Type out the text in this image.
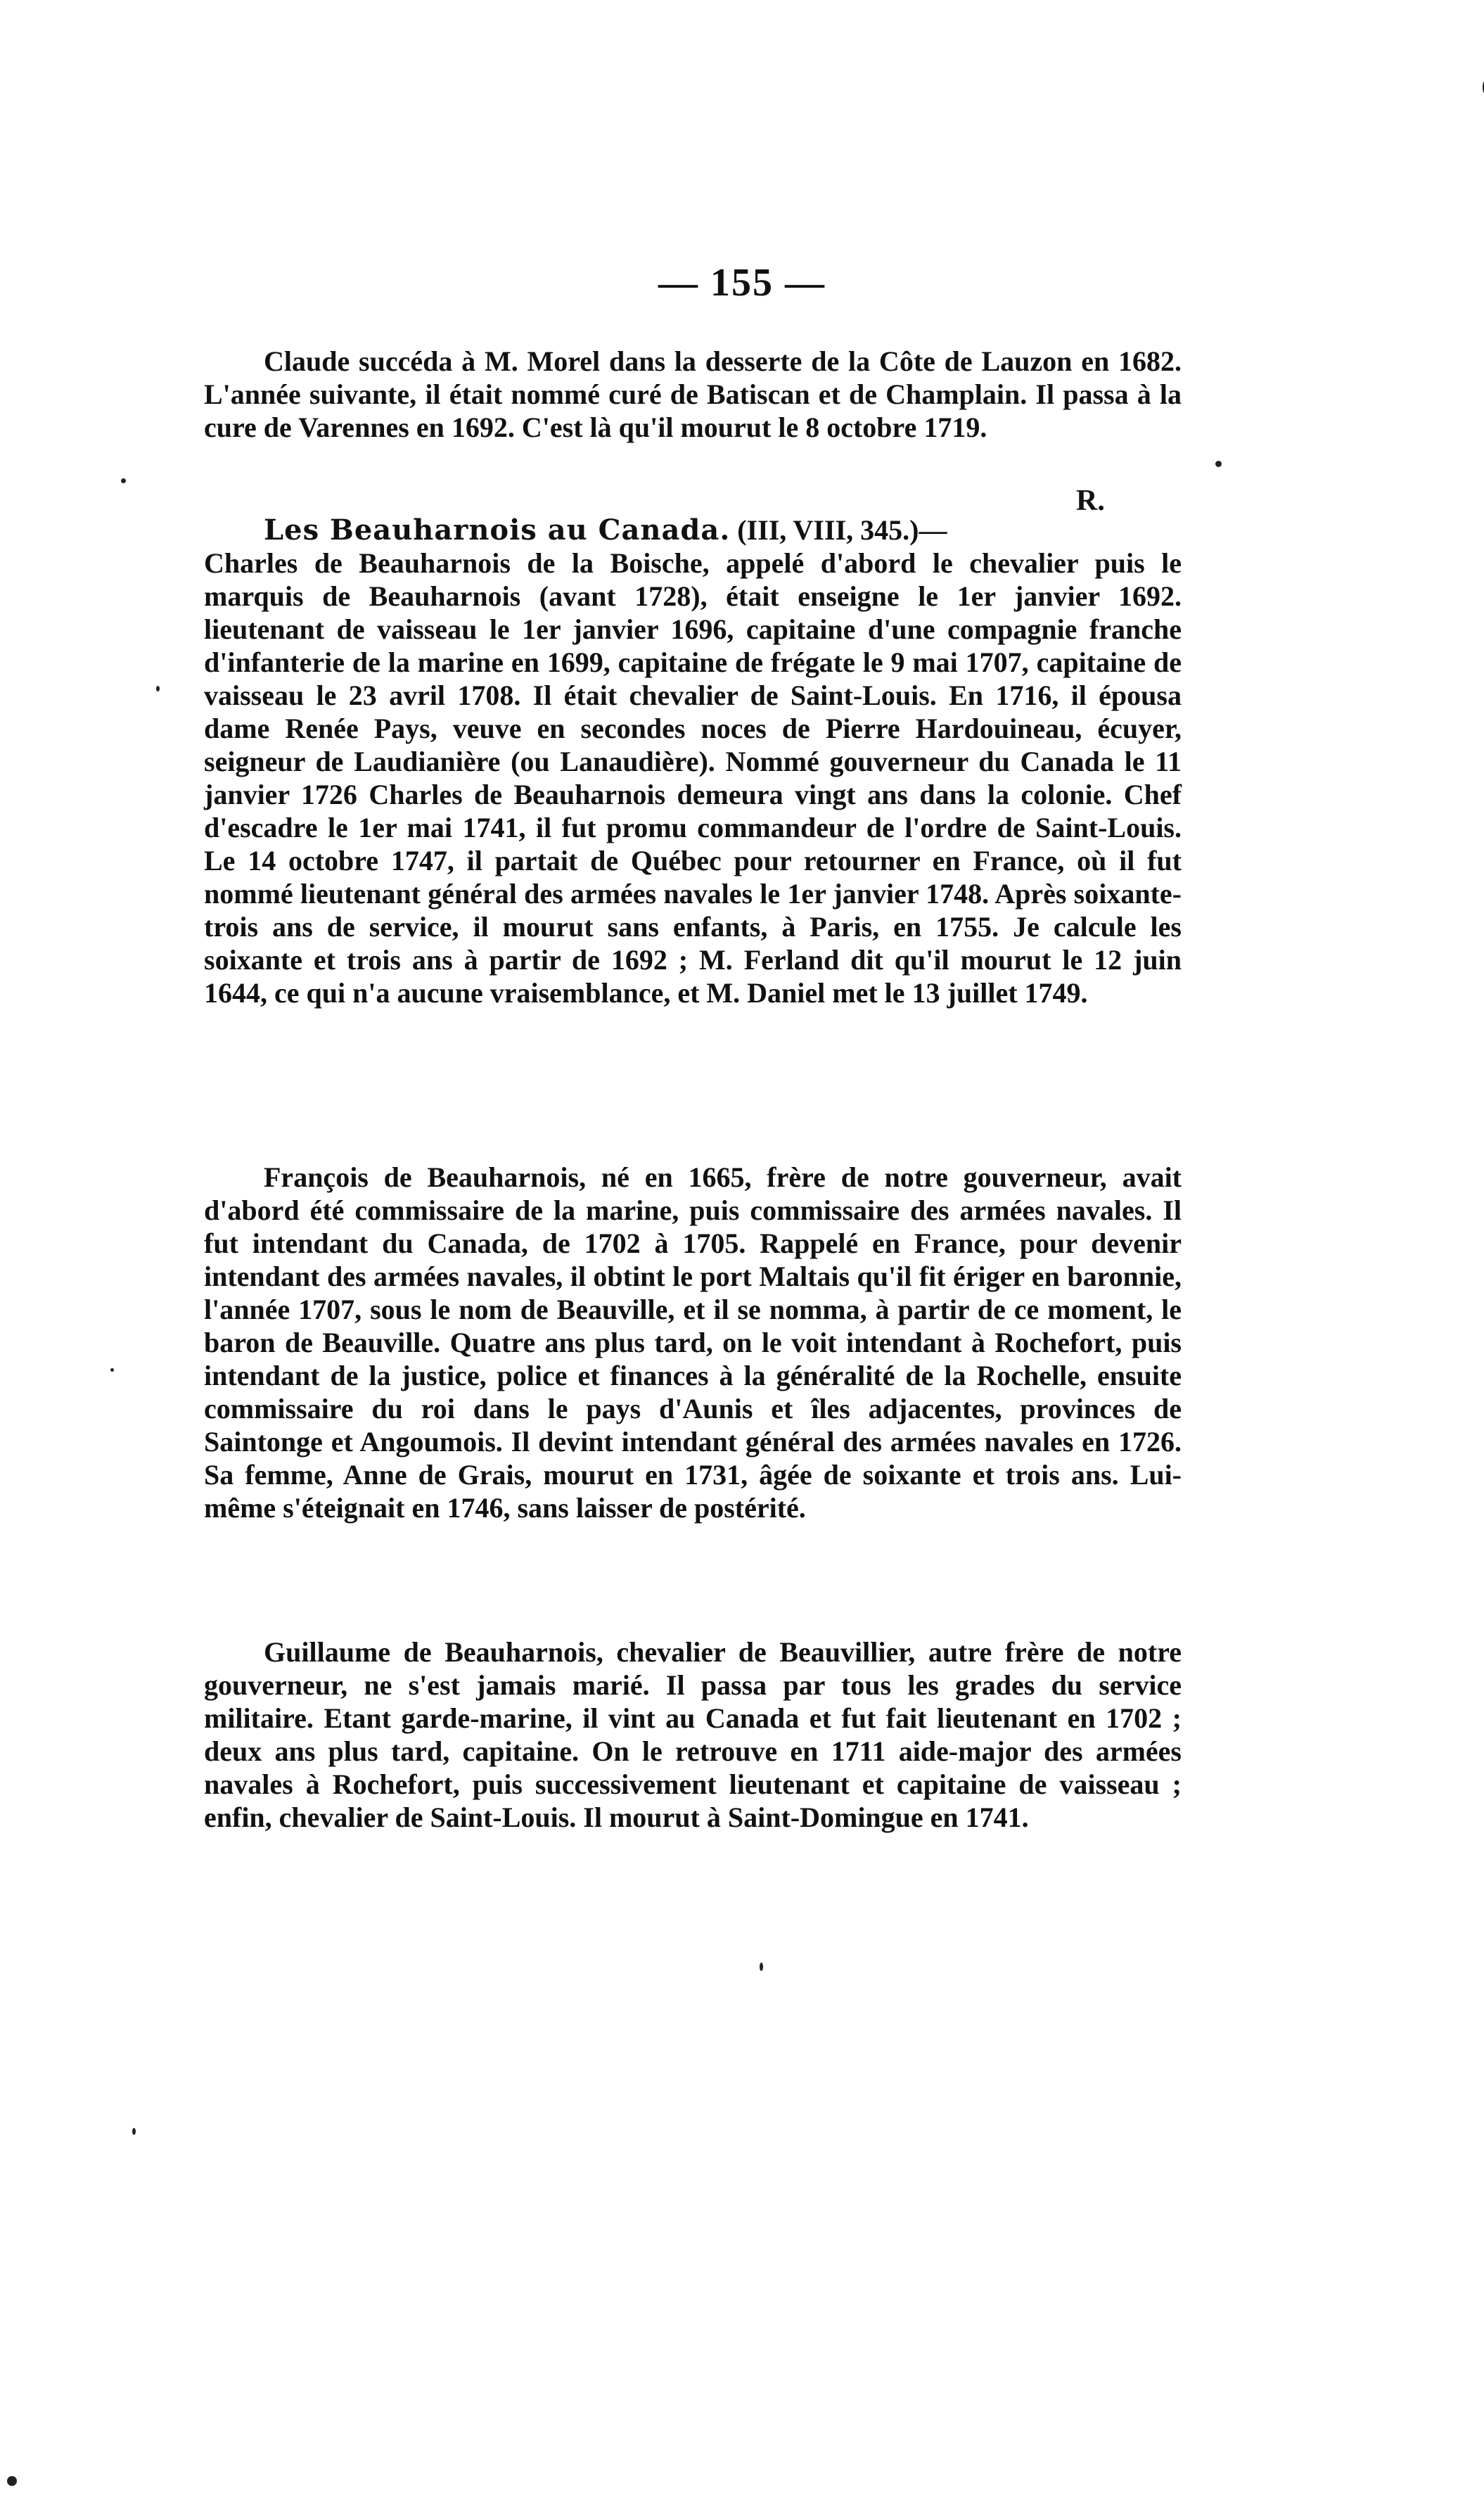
— 155 —

Claude succéda à M. Morel dans la desserte de la Côte de Lauzon en 1682. L'année suivante, il était nommé curé de Batiscan et de Champlain. Il passa à la cure de Varennes en 1692. C'est là qu'il mourut le 8 octobre 1719.

R.

Les Beauharnois au Canada. (III, VIII, 345.)—

Charles de Beauharnois de la Boische, appelé d'abord le chevalier puis le marquis de Beauharnois (avant 1728), était enseigne le 1er janvier 1692. lieutenant de vaisseau le 1er janvier 1696, capitaine d'une compagnie franche d'infanterie de la marine en 1699, capitaine de frégate le 9 mai 1707, capitaine de vaisseau le 23 avril 1708. Il était chevalier de Saint-Louis. En 1716, il épousa dame Renée Pays, veuve en secondes noces de Pierre Hardouineau, écuyer, seigneur de Laudianière (ou Lanaudière). Nommé gouverneur du Canada le 11 janvier 1726 Charles de Beauharnois demeura vingt ans dans la colonie. Chef d'escadre le 1er mai 1741, il fut promu commandeur de l'ordre de Saint-Louis. Le 14 octobre 1747, il partait de Québec pour retourner en France, où il fut nommé lieutenant général des armées navales le 1er janvier 1748. Après soixante-trois ans de service, il mourut sans enfants, à Paris, en 1755. Je calcule les soixante et trois ans à partir de 1692 ; M. Ferland dit qu'il mourut le 12 juin 1644, ce qui n'a aucune vraisemblance, et M. Daniel met le 13 juillet 1749.

François de Beauharnois, né en 1665, frère de notre gouverneur, avait d'abord été commissaire de la marine, puis commissaire des armées navales. Il fut intendant du Canada, de 1702 à 1705. Rappelé en France, pour devenir intendant des armées navales, il obtint le port Maltais qu'il fit ériger en baronnie, l'année 1707, sous le nom de Beauville, et il se nomma, à partir de ce moment, le baron de Beauville. Quatre ans plus tard, on le voit intendant à Rochefort, puis intendant de la justice, police et finances à la généralité de la Rochelle, ensuite commissaire du roi dans le pays d'Aunis et îles adjacentes, provinces de Saintonge et Angoumois. Il devint intendant général des armées navales en 1726. Sa femme, Anne de Grais, mourut en 1731, âgée de soixante et trois ans. Lui-même s'éteignait en 1746, sans laisser de postérité.

Guillaume de Beauharnois, chevalier de Beauvillier, autre frère de notre gouverneur, ne s'est jamais marié. Il passa par tous les grades du service militaire. Etant garde-marine, il vint au Canada et fut fait lieutenant en 1702 ; deux ans plus tard, capitaine. On le retrouve en 1711 aide-major des armées navales à Rochefort, puis successivement lieutenant et capitaine de vaisseau ; enfin, chevalier de Saint-Louis. Il mourut à Saint-Domingue en 1741.
